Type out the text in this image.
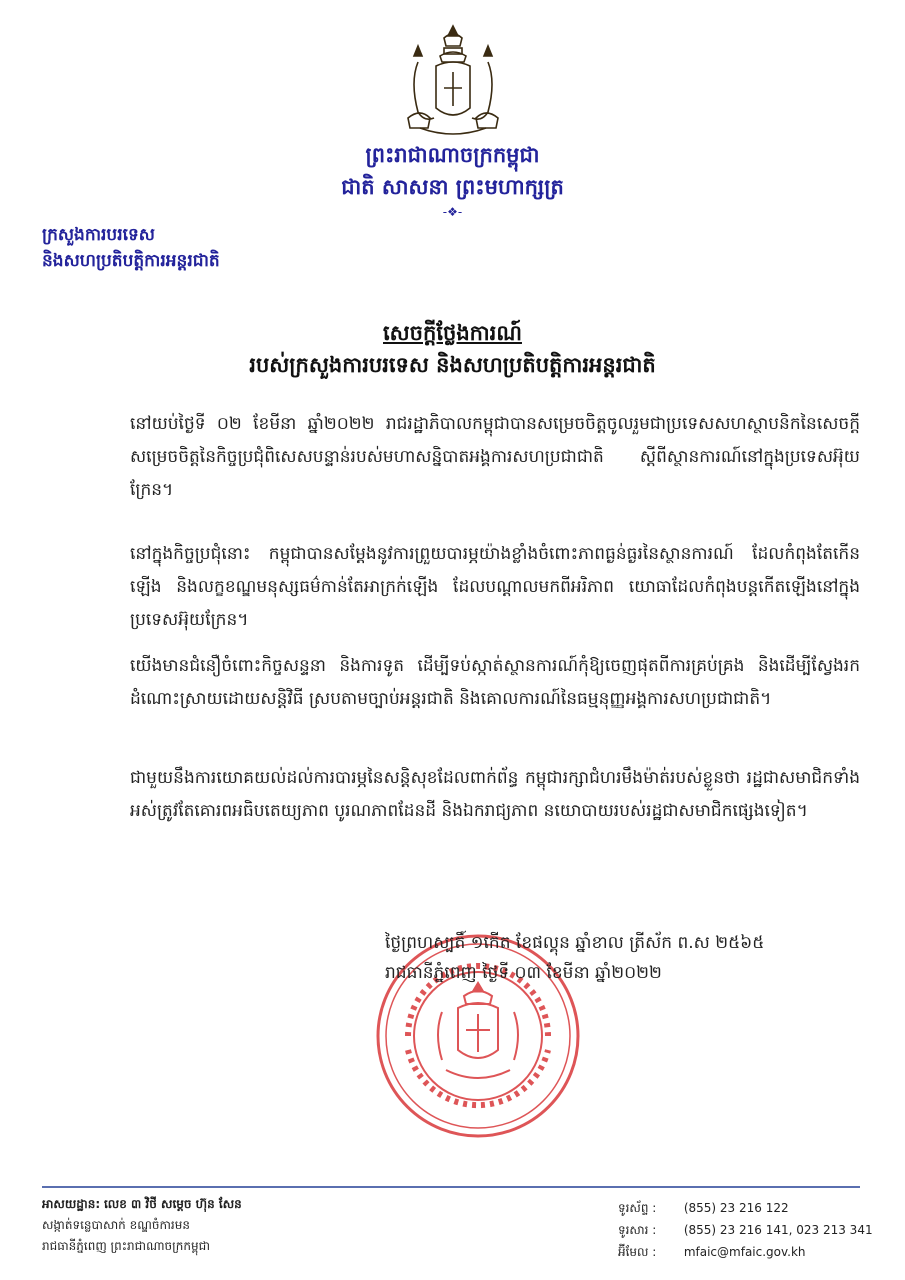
ព្រះរាជាណាចក្រកម្ពុជា
ជាតិ សាសនា ព្រះមហាក្សត្រ
-❖-
ក្រសួងការបរទេស
និងសហប្រតិបត្តិការអន្តរជាតិ
សេចក្តីថ្លែងការណ៍
របស់ក្រសួងការបរទេស និងសហប្រតិបត្តិការអន្តរជាតិ

នៅយប់ថ្ងៃទី ០២ ខែមីនា ឆ្នាំ២០២២ រាជរដ្ឋាភិបាលកម្ពុជាបានសម្រេចចិត្តចូលរួមជាប្រទេសសហស្ថាបនិកនៃសេចក្តីសម្រេចចិត្តនៃកិច្ចប្រជុំពិសេសបន្ទាន់របស់មហាសន្និបាតអង្គការសហប្រជាជាតិ ស្តីពីស្ថានការណ៍នៅក្នុងប្រទេសអ៊ុយក្រែន។

នៅក្នុងកិច្ចប្រជុំនោះ កម្ពុជាបានសម្តែងនូវការព្រួយបារម្ភយ៉ាងខ្លាំងចំពោះភាពធ្ងន់ធ្ងរនៃស្ថានការណ៍ ដែលកំពុងតែកើនឡើង និងលក្ខខណ្ឌមនុស្សធម៌កាន់តែអាក្រក់ឡើង ដែលបណ្តាលមកពីអរិភាព យោធាដែលកំពុងបន្តកើតឡើងនៅក្នុងប្រទេសអ៊ុយក្រែន។

យើងមានជំនឿចំពោះកិច្ចសន្ទនា និងការទូត ដើម្បីទប់ស្កាត់ស្ថានការណ៍កុំឱ្យចេញផុតពីការគ្រប់គ្រង និងដើម្បីស្វែងរកដំណោះស្រាយដោយសន្តិវិធី ស្របតាមច្បាប់អន្តរជាតិ និងគោលការណ៍នៃធម្មនុញ្ញអង្គការសហប្រជាជាតិ។

ជាមួយនឹងការយោគយល់ដល់ការបារម្ភនៃសន្តិសុខដែលពាក់ព័ន្ធ កម្ពុជារក្សាជំហរមឹងម៉ាត់របស់ខ្លួនថា រដ្ឋជាសមាជិកទាំងអស់ត្រូវតែគោរពអធិបតេយ្យភាព បូរណភាពដែនដី និងឯករាជ្យភាព នយោបាយរបស់រដ្ឋជាសមាជិកផ្សេងទៀត។

ថ្ងៃព្រហស្បតិ៍ ១កើត ខែផល្គុន ឆ្នាំខាល ត្រីស័ក ព.ស ២៥៦៥
រាជធានីភ្នំពេញ ថ្ងៃទី ០៣ ខែមីនា ឆ្នាំ២០២២
អាសយដ្ឋាន: លេខ ៣ វិថី សម្តេច ហ៊ុន សែន
សង្កាត់ទន្លេបាសាក់ ខណ្ឌចំការមន
រាជធានីភ្នំពេញ ព្រះរាជាណាចក្រកម្ពុជា
ទូរស័ព្ទ : (855) 23 216 122
ទូរសារ : (855) 23 216 141, 023 213 341
អ៊ីមែល : mfaic@mfaic.gov.kh
